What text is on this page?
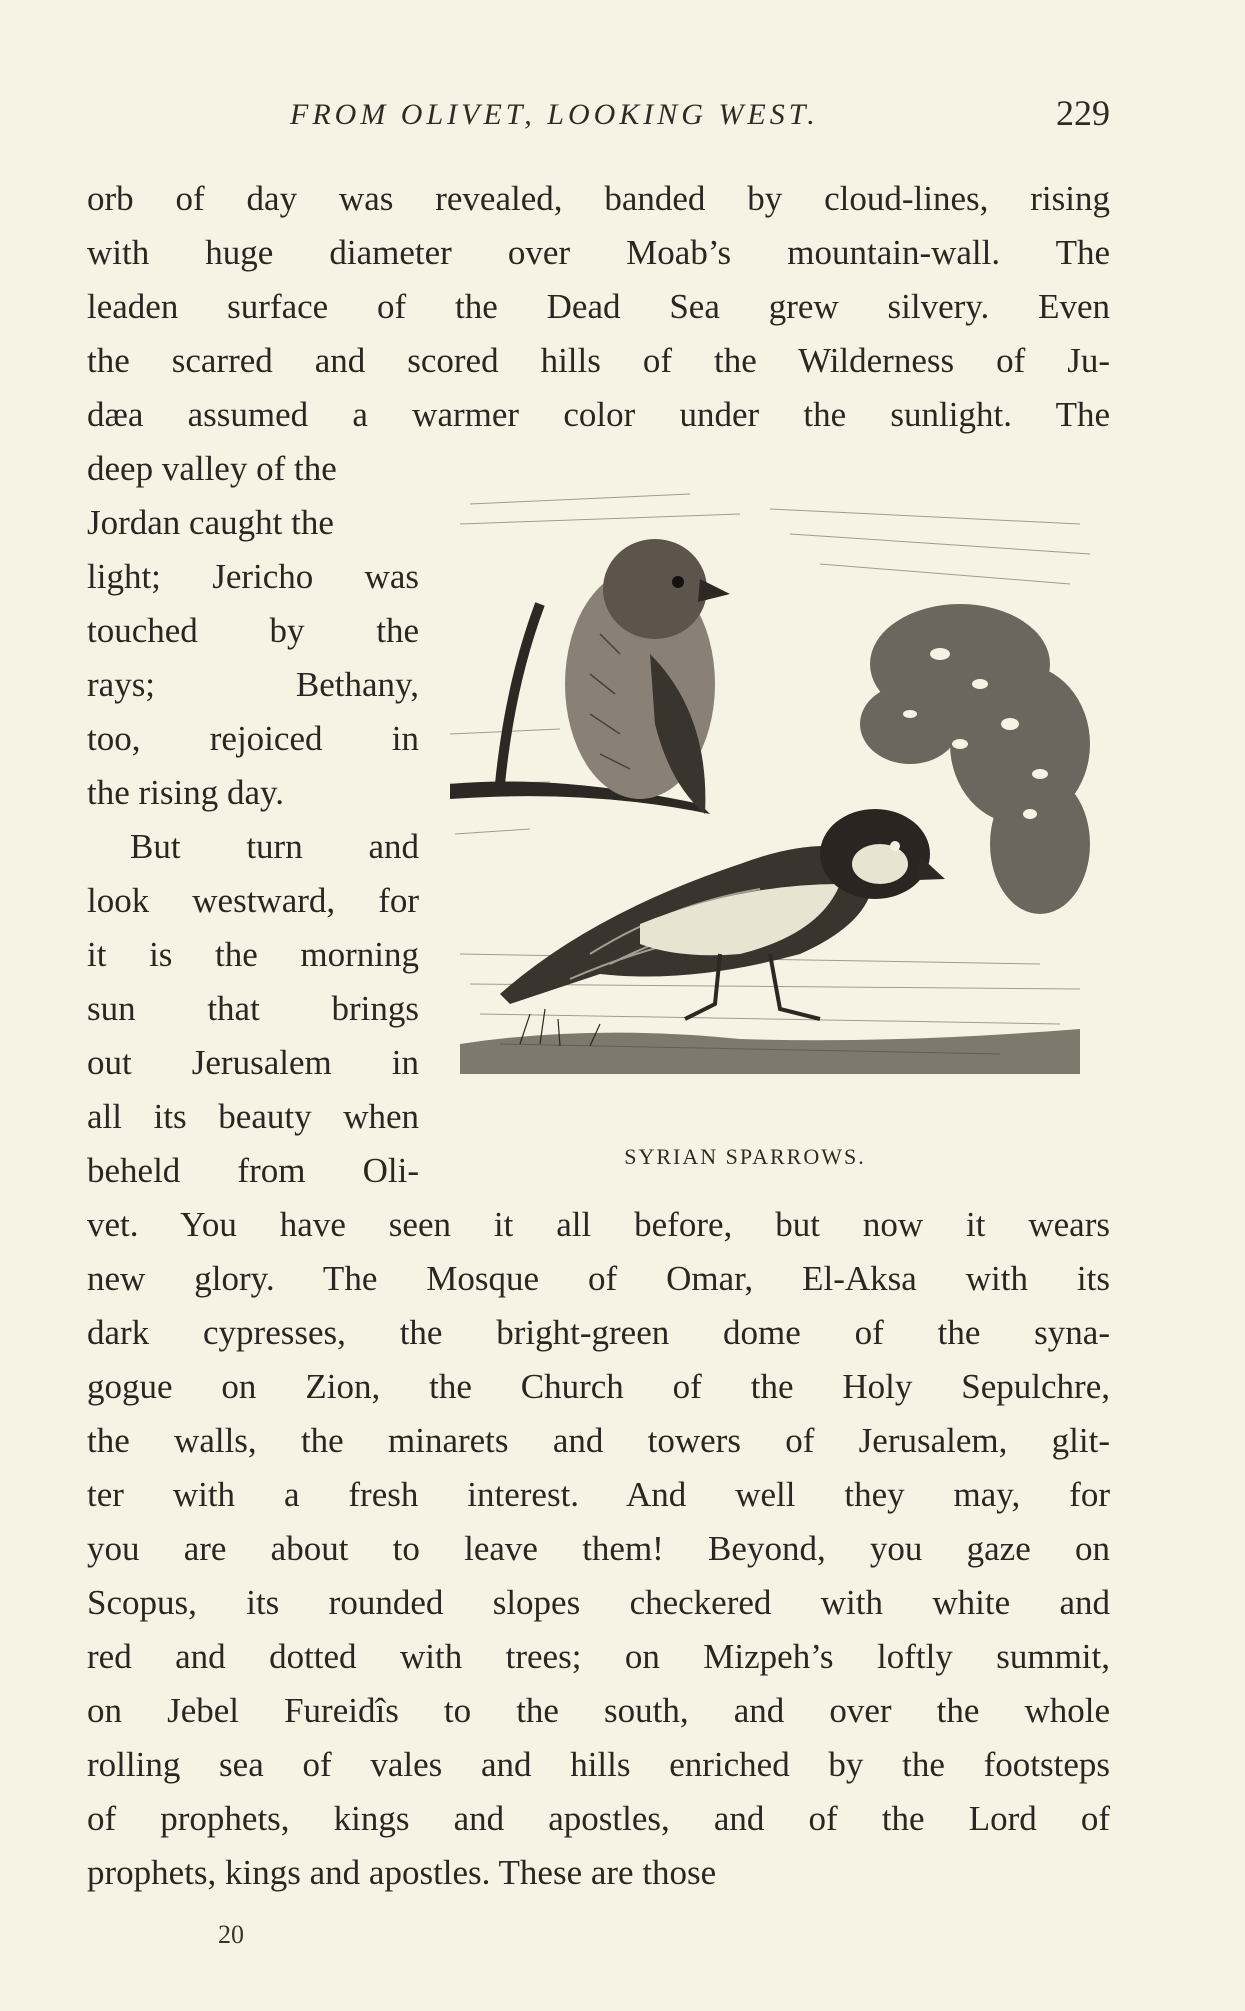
FROM OLIVET, LOOKING WEST.	229
orb of day was revealed, banded by cloud-lines, rising
with huge diameter over Moab’s mountain-wall. The
leaden surface of the Dead Sea grew silvery. Even
the scarred and scored hills of the Wilderness of Ju-
dæa assumed a warmer color under the sunlight. The
deep valley of the
Jordan caught the
light; Jericho was
touched by the
rays; Bethany,
too, rejoiced in
the rising day.
But turn and
look westward, for
it is the morning
sun that brings
out Jerusalem in
all its beauty when
beheld from Oli-	SYRIAN SPARROWS.
vet. You have seen it all before, but now it wears
new glory. The Mosque of Omar, El-Aksa with its
dark cypresses, the bright-green dome of the syna-
gogue on Zion, the Church of the Holy Sepulchre,
the walls, the minarets and towers of Jerusalem, glit-
ter with a fresh interest. And well they may, for
you are about to leave them! Beyond, you gaze on
Scopus, its rounded slopes checkered with white and
red and dotted with trees; on Mizpeh’s loftly summit,
on Jebel Fureidîs to the south, and over the whole
rolling sea of vales and hills enriched by the footsteps
of prophets, kings and apostles, and of the Lord of
prophets, kings and apostles. These are those
20
